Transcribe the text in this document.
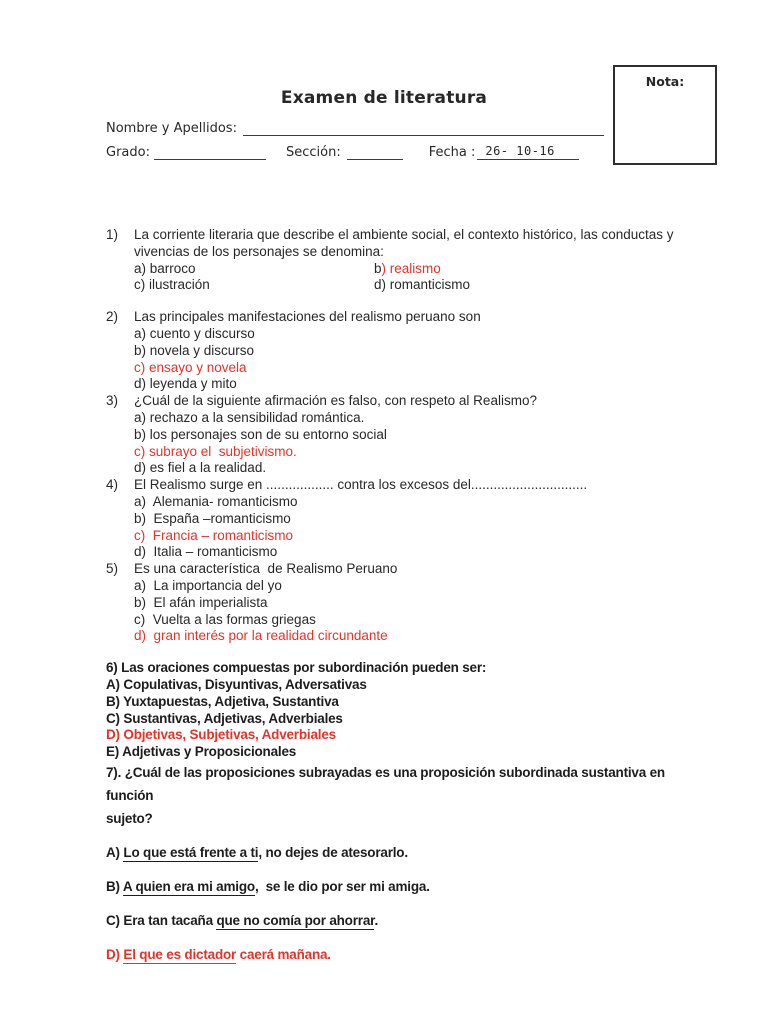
Nota:
Examen de literatura
Nombre y Apellidos:
Grado:	Sección:	Fecha : 26- 10-16
1)	La corriente literaria que describe el ambiente social, el contexto histórico, las conductas y
vivencias de los personajes se denomina:
a) barroco	b) realismo
c) ilustración	d) romanticismo
2)	Las principales manifestaciones del realismo peruano son
a) cuento y discurso
b) novela y discurso
c) ensayo y novela
d) leyenda y mito
3)	¿Cuál de la siguiente afirmación es falso, con respeto al Realismo?
a) rechazo a la sensibilidad romántica.
b) los personajes son de su entorno social
c) subrayo el  subjetivismo.
d) es fiel a la realidad.
4)	El Realismo surge en .................. contra los excesos del...............................
a)  Alemania- romanticismo
b)  España –romanticismo
c)  Francia – romanticismo
d)  Italia – romanticismo
5)	Es una característica  de Realismo Peruano
a)  La importancia del yo
b)  El afán imperialista
c)  Vuelta a las formas griegas
d)  gran interés por la realidad circundante
6) Las oraciones compuestas por subordinación pueden ser:
A) Copulativas, Disyuntivas, Adversativas
B) Yuxtapuestas, Adjetiva, Sustantiva
C) Sustantivas, Adjetivas, Adverbiales
D) Objetivas, Subjetivas, Adverbiales
E) Adjetivas y Proposicionales
7). ¿Cuál de las proposiciones subrayadas es una proposición subordinada sustantiva en función
sujeto?
A) Lo que está frente a ti, no dejes de atesorarlo.
B) A quien era mi amigo,  se le dio por ser mi amiga.
C) Era tan tacaña que no comía por ahorrar.
D) El que es dictador caerá mañana.
